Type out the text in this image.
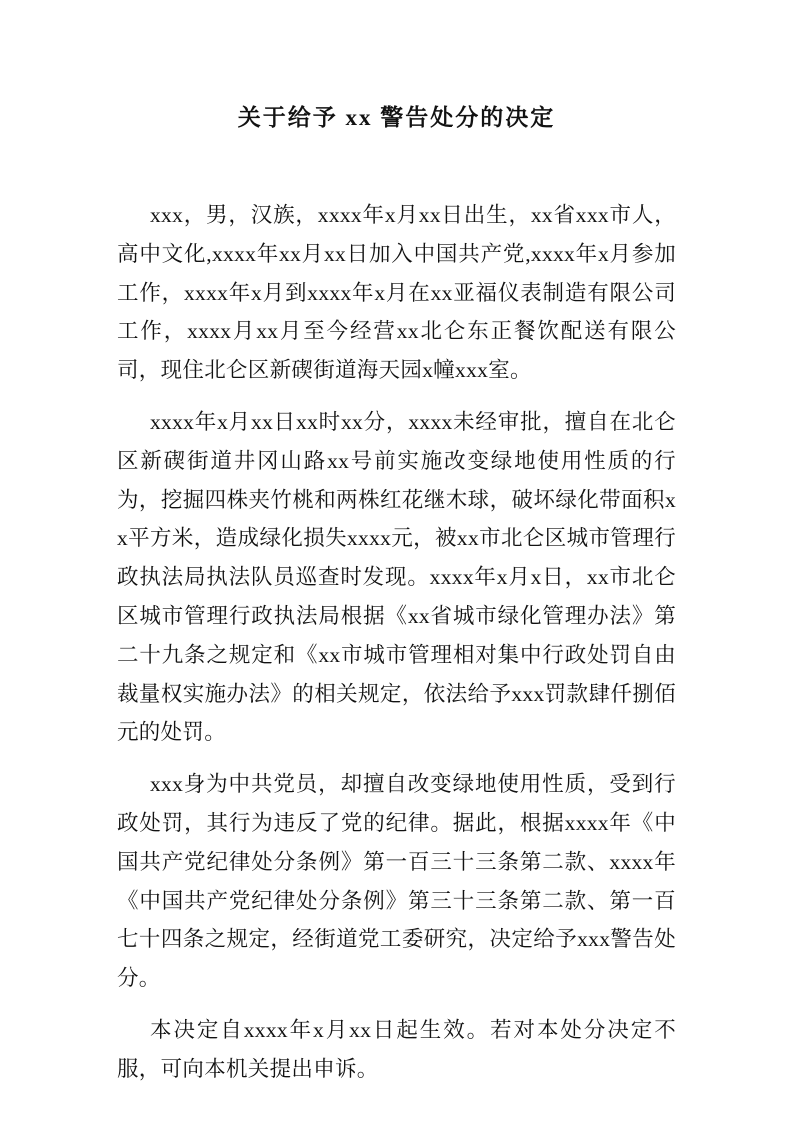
关于给予 xx 警告处分的决定

xxx，男，汉族，xxxx年x月xx日出生，xx省xxx市人，高中文化,xxxx年xx月xx日加入中国共产党,xxxx年x月参加工作，xxxx年x月到xxxx年x月在xx亚福仪表制造有限公司工作，xxxx月xx月至今经营xx北仑东正餐饮配送有限公司，现住北仑区新碶街道海天园x幢xxx室。

xxxx年x月xx日xx时xx分，xxxx未经审批，擅自在北仑区新碶街道井冈山路xx号前实施改变绿地使用性质的行为，挖掘四株夹竹桃和两株红花继木球，破坏绿化带面积xx平方米，造成绿化损失xxxx元，被xx市北仑区城市管理行政执法局执法队员巡查时发现。xxxx年x月x日，xx市北仑区城市管理行政执法局根据《xx省城市绿化管理办法》第二十九条之规定和《xx市城市管理相对集中行政处罚自由裁量权实施办法》的相关规定，依法给予xxx罚款肆仟捌佰元的处罚。

xxx身为中共党员，却擅自改变绿地使用性质，受到行政处罚，其行为违反了党的纪律。据此，根据xxxx年《中国共产党纪律处分条例》第一百三十三条第二款、xxxx年《中国共产党纪律处分条例》第三十三条第二款、第一百七十四条之规定，经街道党工委研究，决定给予xxx警告处分。

本决定自xxxx年x月xx日起生效。若对本处分决定不服，可向本机关提出申诉。
